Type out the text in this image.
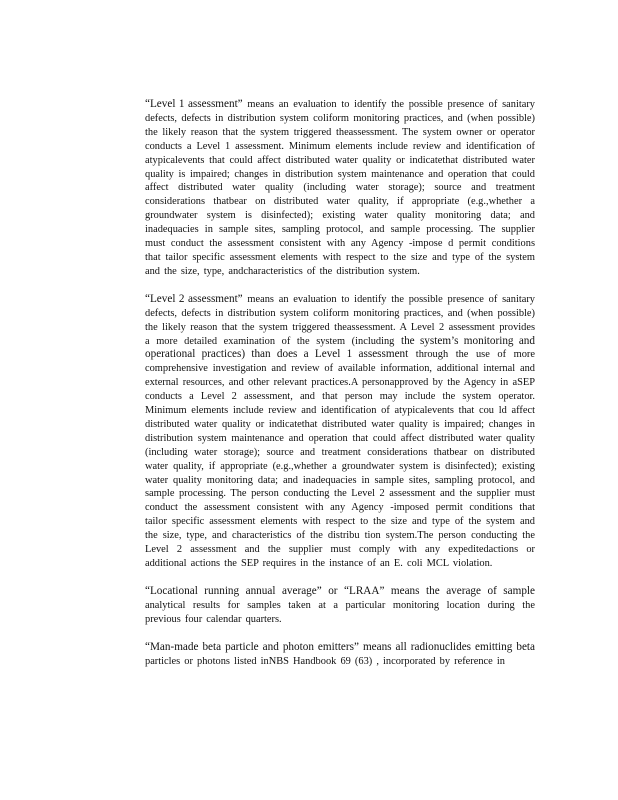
“Level 1 assessment” means an evaluation to identify the possible presence of sanitary defects, defects in distribution system coliform monitoring practices, and (when possible) the likely reason that the system triggered theassessment. The system owner or operator conducts a Level 1 assessment. Minimum elements include review and identification of atypicalevents that could affect distributed water quality or indicatethat distributed water quality is impaired; changes in distribution system maintenance and operation that could affect distributed water quality (including water storage); source and treatment considerations thatbear on distributed water quality, if appropriate (e.g.,whether a groundwater system is disinfected); existing water quality monitoring data; and inadequacies in sample sites, sampling protocol, and sample processing. The supplier must conduct the assessment consistent with any Agency -impose d permit conditions that tailor specific assessment elements with respect to the size and type of the system and the size, type, andcharacteristics of the distribution system.

“Level 2 assessment” means an evaluation to identify the possible presence of sanitary defects, defects in distribution system coliform monitoring practices, and (when possible) the likely reason that the system triggered theassessment. A Level 2 assessment provides a more detailed examination of the system (including the system’s monitoring and operational practices) than does a Level 1 assessment through the use of more comprehensive investigation and review of available information, additional internal and external resources, and other relevant practices.A personapproved by the Agency in aSEP conducts a Level 2 assessment, and that person may include the system operator. Minimum elements include review and identification of atypicalevents that cou ld affect distributed water quality or indicatethat distributed water quality is impaired; changes in distribution system maintenance and operation that could affect distributed water quality (including water storage); source and treatment considerations thatbear on distributed water quality, if appropriate (e.g.,whether a groundwater system is disinfected); existing water quality monitoring data; and inadequacies in sample sites, sampling protocol, and sample processing. The person conducting the Level 2 assessment and the supplier must conduct the assessment consistent with any Agency -imposed permit conditions that tailor specific assessment elements with respect to the size and type of the system and the size, type, and characteristics of the distribu tion system.The person conducting the Level 2 assessment and the supplier must comply with any expeditedactions or additional actions the SEP requires in the instance of an E. coli MCL violation.

“Locational running annual average” or “LRAA” means the average of sample analytical results for samples taken at a particular monitoring location during the previous four calendar quarters.

“Man-made beta particle and photon emitters” means all radionuclides emitting beta particles or photons listed inNBS Handbook 69 (63) , incorporated by reference in
